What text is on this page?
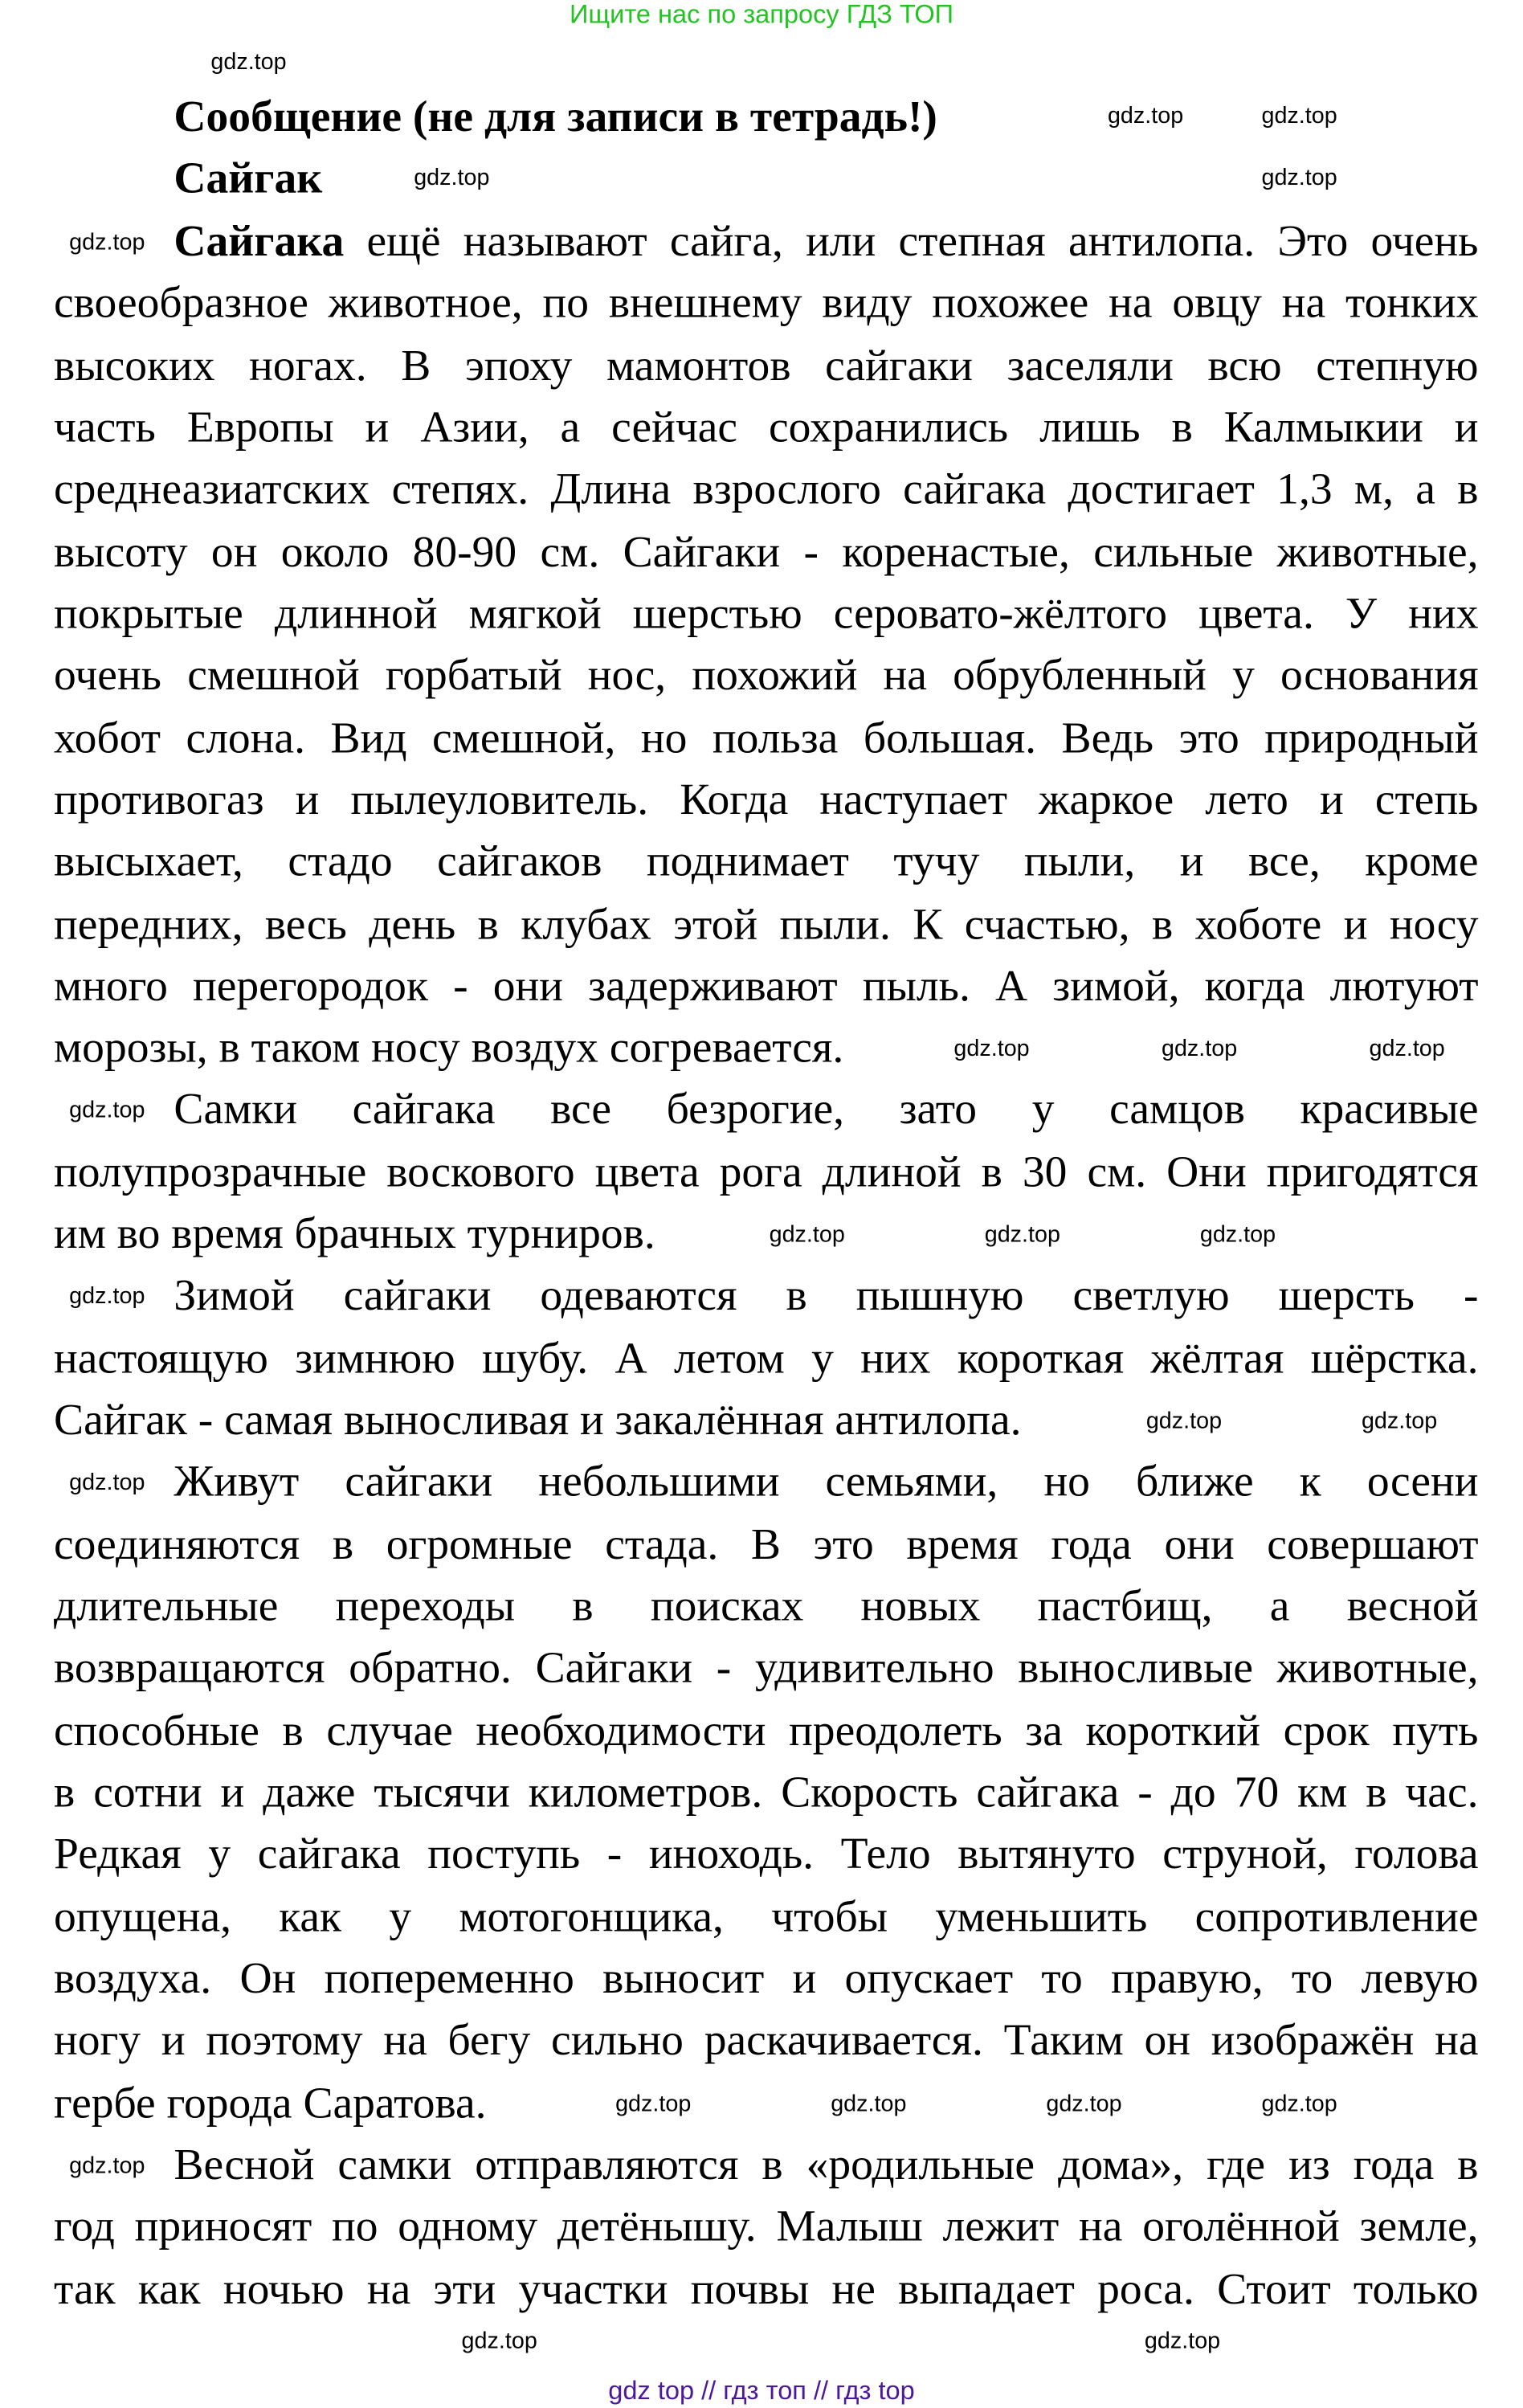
Ищите нас по запросу ГДЗ ТОП
Сообщение (не для записи в тетрадь!)
Сайгак
Сайгака ещё называют сайга, или степная антилопа. Это очень
своеобразное животное, по внешнему виду похожее на овцу на тонких
высоких ногах. В эпоху мамонтов сайгаки заселяли всю степную
часть Европы и Азии, а сейчас сохранились лишь в Калмыкии и
среднеазиатских степях. Длина взрослого сайгака достигает 1,3 м, а в
высоту он около 80-90 см. Сайгаки - коренастые, сильные животные,
покрытые длинной мягкой шерстью серовато-жёлтого цвета. У них
очень смешной горбатый нос, похожий на обрубленный у основания
хобот слона. Вид смешной, но польза большая. Ведь это природный
противогаз и пылеуловитель. Когда наступает жаркое лето и степь
высыхает, стадо сайгаков поднимает тучу пыли, и все, кроме
передних, весь день в клубах этой пыли. К счастью, в хоботе и носу
много перегородок - они задерживают пыль. А зимой, когда лютуют
морозы, в таком носу воздух согревается.
Самки сайгака все безрогие, зато у самцов красивые
полупрозрачные воскового цвета рога длиной в 30 см. Они пригодятся
им во время брачных турниров.
Зимой сайгаки одеваются в пышную светлую шерсть -
настоящую зимнюю шубу. А летом у них короткая жёлтая шёрстка.
Сайгак - самая выносливая и закалённая антилопа.
Живут сайгаки небольшими семьями, но ближе к осени
соединяются в огромные стада. В это время года они совершают
длительные переходы в поисках новых пастбищ, а весной
возвращаются обратно. Сайгаки - удивительно выносливые животные,
способные в случае необходимости преодолеть за короткий срок путь
в сотни и даже тысячи километров. Скорость сайгака - до 70 км в час.
Редкая у сайгака поступь - иноходь. Тело вытянуто струной, голова
опущена, как у мотогонщика, чтобы уменьшить сопротивление
воздуха. Он попеременно выносит и опускает то правую, то левую
ногу и поэтому на бегу сильно раскачивается. Таким он изображён на
гербе города Саратова.
Весной самки отправляются в «родильные дома», где из года в
год приносят по одному детёнышу. Малыш лежит на оголённой земле,
так как ночью на эти участки почвы не выпадает роса. Стоит только
gdz.top
gdz.top
gdz.top
gdz.top
gdz.top
gdz.top
gdz.top
gdz.top
gdz.top
gdz.top
gdz.top	gdz.top	gdz.top
gdz.top	gdz.top	gdz.top
gdz.top	gdz.top
gdz.top	gdz.top	gdz.top	gdz.top
gdz.top	gdz.top
gdz top // гдз топ // гдз top
